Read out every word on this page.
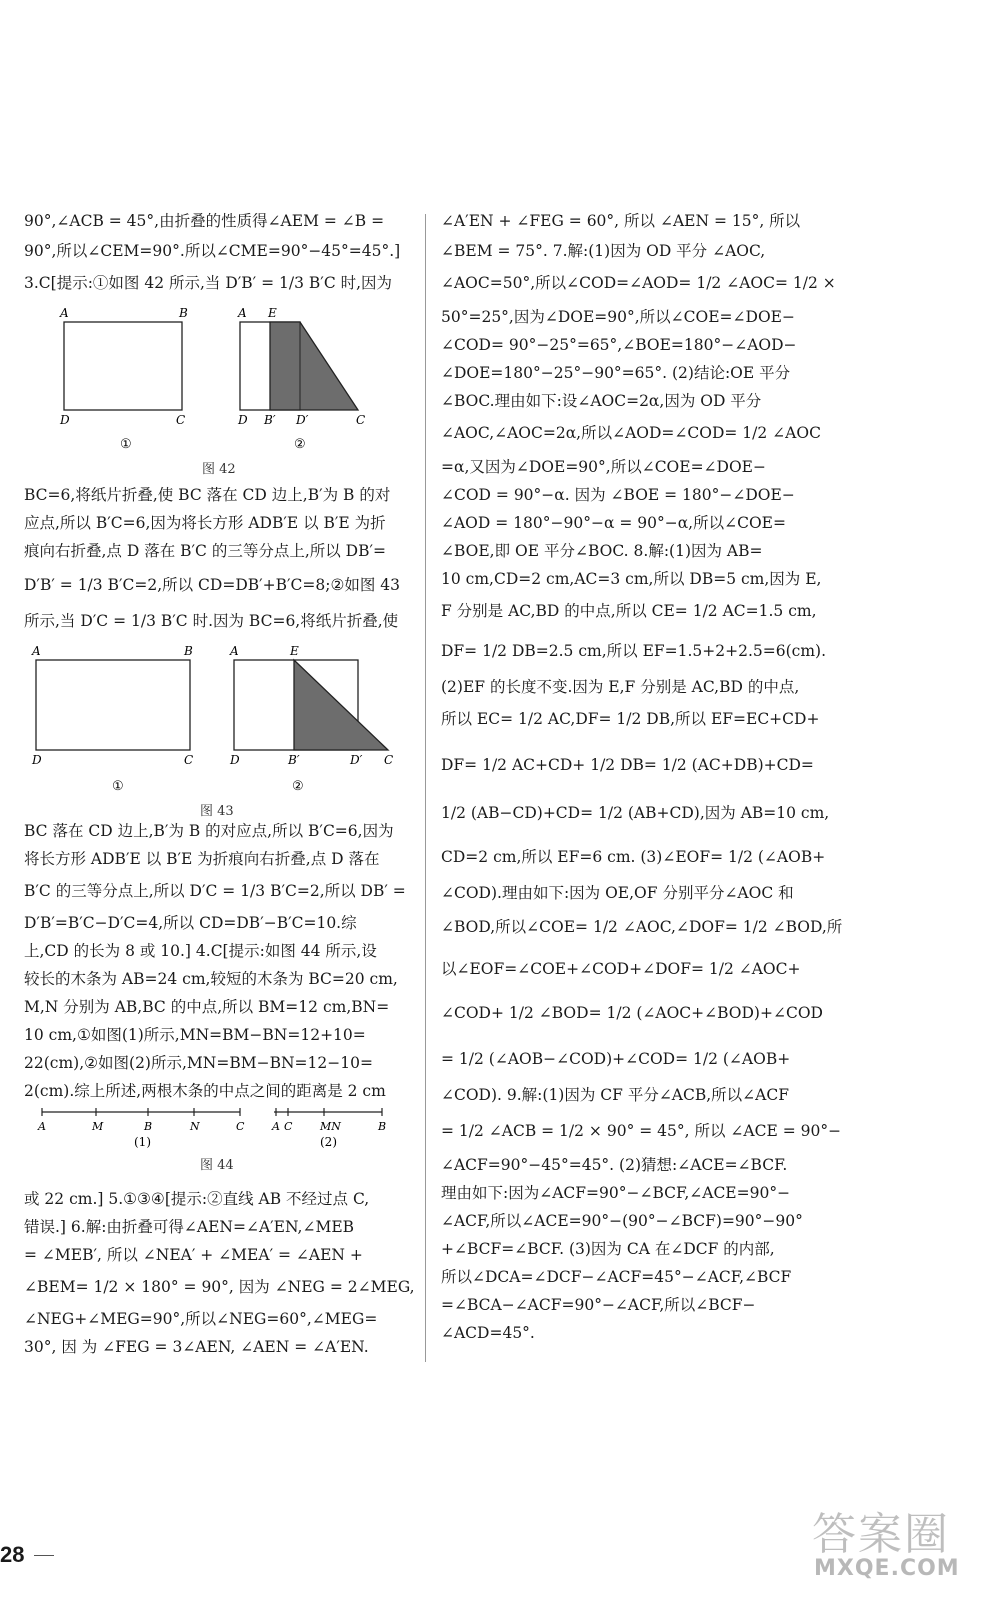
90°,∠ACB = 45°,由折叠的性质得∠AEM = ∠B =
90°,所以∠CEM=90°.所以∠CME=90°−45°=45°.]
3.C[提示:①如图 42 所示,当 D′B′ = 1/3 B′C 时,因为
A	B
D	C
①
A E
D B′ D′	C
②
图 42
BC=6,将纸片折叠,使 BC 落在 CD 边上,B′为 B 的对
应点,所以 B′C=6,因为将长方形 ADB′E 以 B′E 为折
痕向右折叠,点 D 落在 B′C 的三等分点上,所以 DB′=
D′B′ = 1/3 B′C=2,所以 CD=DB′+B′C=8;②如图 43
所示,当 D′C = 1/3 B′C 时.因为 BC=6,将纸片折叠,使
A	B
D	C
①
A	E
D	B′	D′ C
②
图 43
BC 落在 CD 边上,B′为 B 的对应点,所以 B′C=6,因为
将长方形 ADB′E 以 B′E 为折痕向右折叠,点 D 落在
B′C 的三等分点上,所以 D′C = 1/3 B′C=2,所以 DB′ =
D′B′=B′C−D′C=4,所以 CD=DB′−B′C=10.综
上,CD 的长为 8 或 10.] 4.C[提示:如图 44 所示,设
较长的木条为 AB=24 cm,较短的木条为 BC=20 cm,
M,N 分别为 AB,BC 的中点,所以 BM=12 cm,BN=
10 cm,①如图(1)所示,MN=BM−BN=12+10=
22(cm),②如图(2)所示,MN=BM−BN=12−10=
2(cm).综上所述,两根木条的中点之间的距离是 2 cm
A	M	B	N	C	A C	MN	B
(1)	(2)
图 44
或 22 cm.] 5.①③④[提示:②直线 AB 不经过点 C,
错误.] 6.解:由折叠可得∠AEN=∠A′EN,∠MEB
= ∠MEB′, 所以 ∠NEA′ + ∠MEA′ = ∠AEN +
∠BEM= 1/2 × 180° = 90°, 因为 ∠NEG = 2∠MEG,
∠NEG+∠MEG=90°,所以∠NEG=60°,∠MEG=
30°, 因 为 ∠FEG = 3∠AEN, ∠AEN = ∠A′EN.
28
∠A′EN + ∠FEG = 60°, 所以 ∠AEN = 15°, 所以
∠BEM = 75°. 7.解:(1)因为 OD 平分 ∠AOC,
∠AOC=50°,所以∠COD=∠AOD= 1/2 ∠AOC= 1/2 ×
50°=25°,因为∠DOE=90°,所以∠COE=∠DOE−
∠COD= 90°−25°=65°,∠BOE=180°−∠AOD−
∠DOE=180°−25°−90°=65°. (2)结论:OE 平分
∠BOC.理由如下:设∠AOC=2α,因为 OD 平分
∠AOC,∠AOC=2α,所以∠AOD=∠COD= 1/2 ∠AOC
=α,又因为∠DOE=90°,所以∠COE=∠DOE−
∠COD = 90°−α. 因为 ∠BOE = 180°−∠DOE−
∠AOD = 180°−90°−α = 90°−α,所以∠COE=
∠BOE,即 OE 平分∠BOC. 8.解:(1)因为 AB=
10 cm,CD=2 cm,AC=3 cm,所以 DB=5 cm,因为 E,
F 分别是 AC,BD 的中点,所以 CE= 1/2 AC=1.5 cm,
DF= 1/2 DB=2.5 cm,所以 EF=1.5+2+2.5=6(cm).
(2)EF 的长度不变.因为 E,F 分别是 AC,BD 的中点,
所以 EC= 1/2 AC,DF= 1/2 DB,所以 EF=EC+CD+
DF= 1/2 AC+CD+ 1/2 DB= 1/2 (AC+DB)+CD=
1/2 (AB−CD)+CD= 1/2 (AB+CD),因为 AB=10 cm,
CD=2 cm,所以 EF=6 cm. (3)∠EOF= 1/2 (∠AOB+
∠COD).理由如下:因为 OE,OF 分别平分∠AOC 和
∠BOD,所以∠COE= 1/2 ∠AOC,∠DOF= 1/2 ∠BOD,所
以∠EOF=∠COE+∠COD+∠DOF= 1/2 ∠AOC+
∠COD+ 1/2 ∠BOD= 1/2 (∠AOC+∠BOD)+∠COD
= 1/2 (∠AOB−∠COD)+∠COD= 1/2 (∠AOB+
∠COD). 9.解:(1)因为 CF 平分∠ACB,所以∠ACF
= 1/2 ∠ACB = 1/2 × 90° = 45°, 所以 ∠ACE = 90°−
∠ACF=90°−45°=45°. (2)猜想:∠ACE=∠BCF.
理由如下:因为∠ACF=90°−∠BCF,∠ACE=90°−
∠ACF,所以∠ACE=90°−(90°−∠BCF)=90°−90°
+∠BCF=∠BCF. (3)因为 CA 在∠DCF 的内部,
所以∠DCA=∠DCF−∠ACF=45°−∠ACF,∠BCF
=∠BCA−∠ACF=90°−∠ACF,所以∠BCF−
∠ACD=45°.
答案圈
MXQE.COM
